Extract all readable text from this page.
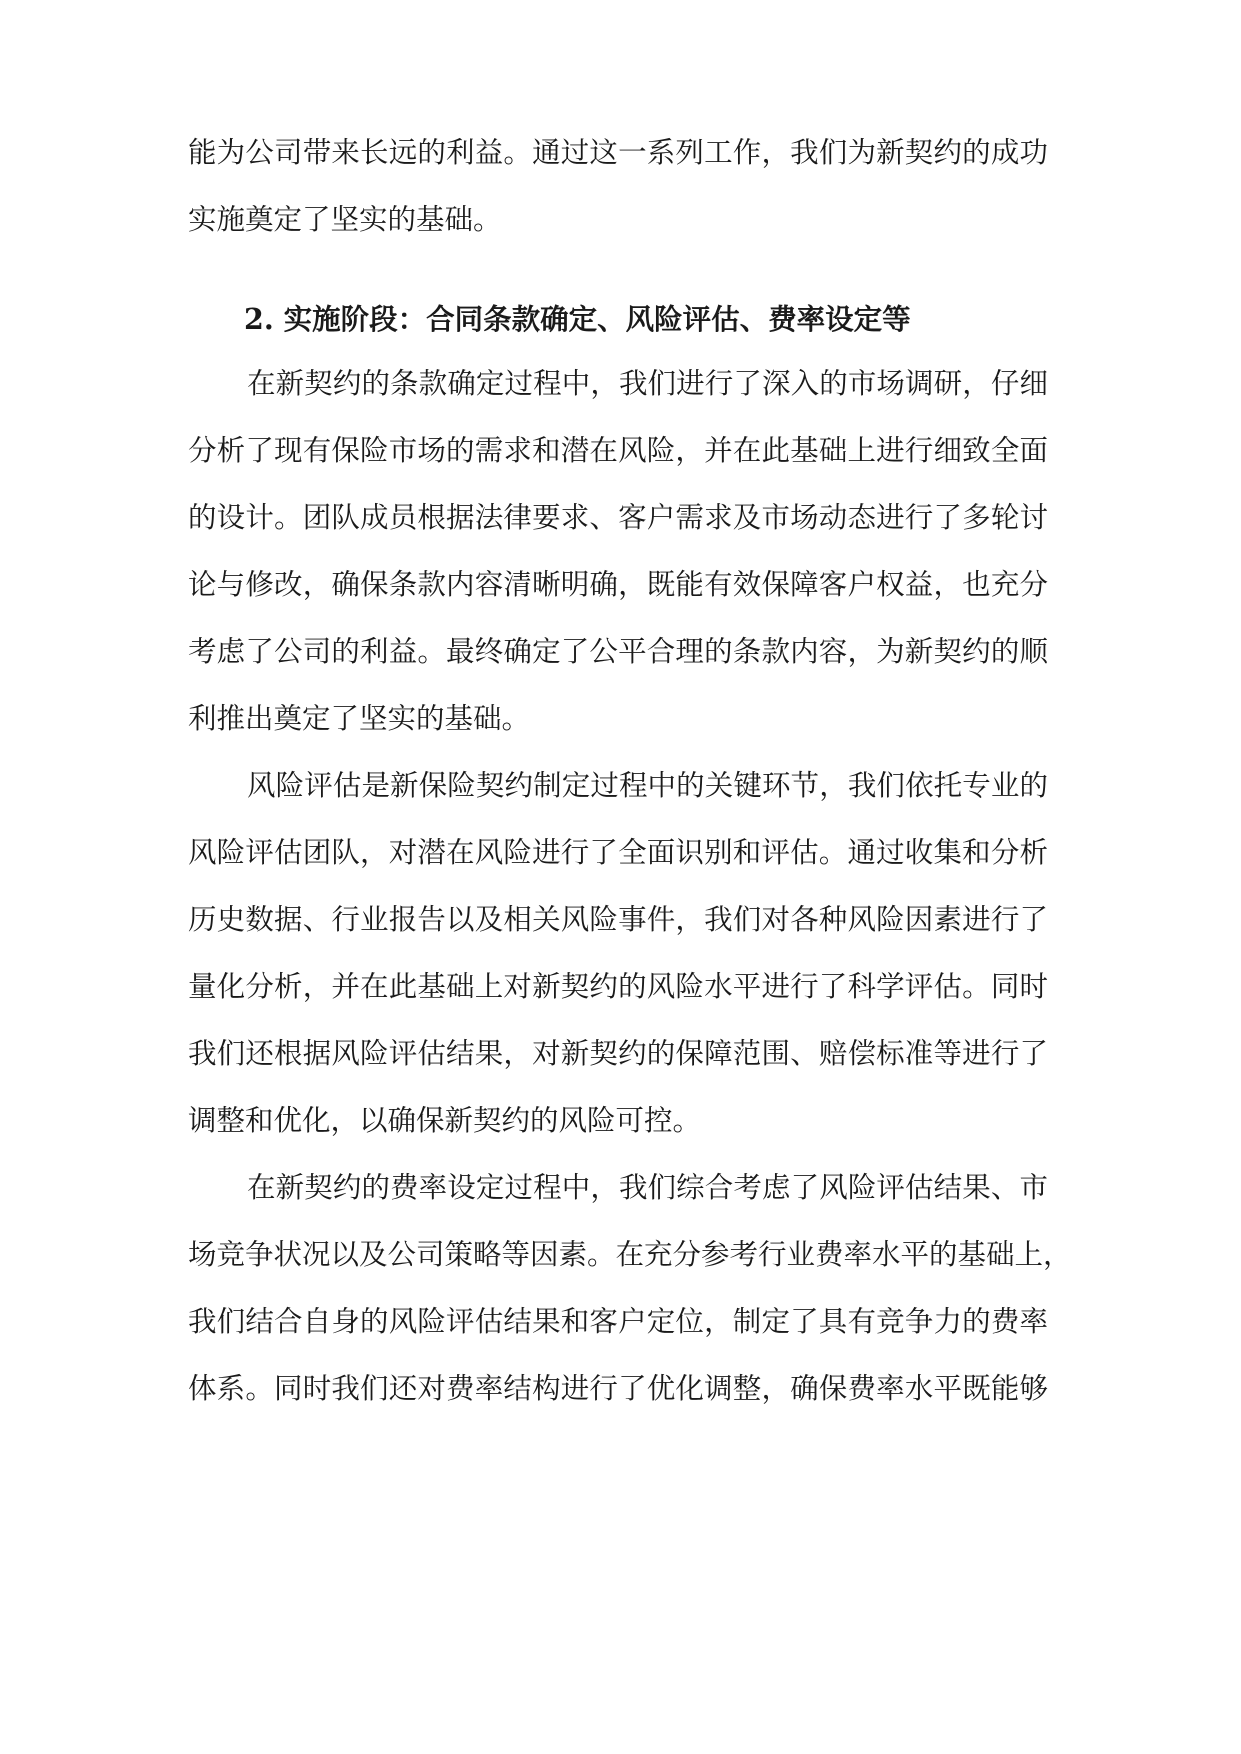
能为公司带来长远的利益。通过这一系列工作，我们为新契约的成功
实施奠定了坚实的基础。
2. 实施阶段：合同条款确定、风险评估、费率设定等
在新契约的条款确定过程中，我们进行了深入的市场调研，仔细
分析了现有保险市场的需求和潜在风险，并在此基础上进行细致全面
的设计。团队成员根据法律要求、客户需求及市场动态进行了多轮讨
论与修改，确保条款内容清晰明确，既能有效保障客户权益，也充分
考虑了公司的利益。最终确定了公平合理的条款内容，为新契约的顺
利推出奠定了坚实的基础。
风险评估是新保险契约制定过程中的关键环节，我们依托专业的
风险评估团队，对潜在风险进行了全面识别和评估。通过收集和分析
历史数据、行业报告以及相关风险事件，我们对各种风险因素进行了
量化分析，并在此基础上对新契约的风险水平进行了科学评估。同时
我们还根据风险评估结果，对新契约的保障范围、赔偿标准等进行了
调整和优化，以确保新契约的风险可控。
在新契约的费率设定过程中，我们综合考虑了风险评估结果、市
场竞争状况以及公司策略等因素。在充分参考行业费率水平的基础上，
我们结合自身的风险评估结果和客户定位，制定了具有竞争力的费率
体系。同时我们还对费率结构进行了优化调整，确保费率水平既能够
